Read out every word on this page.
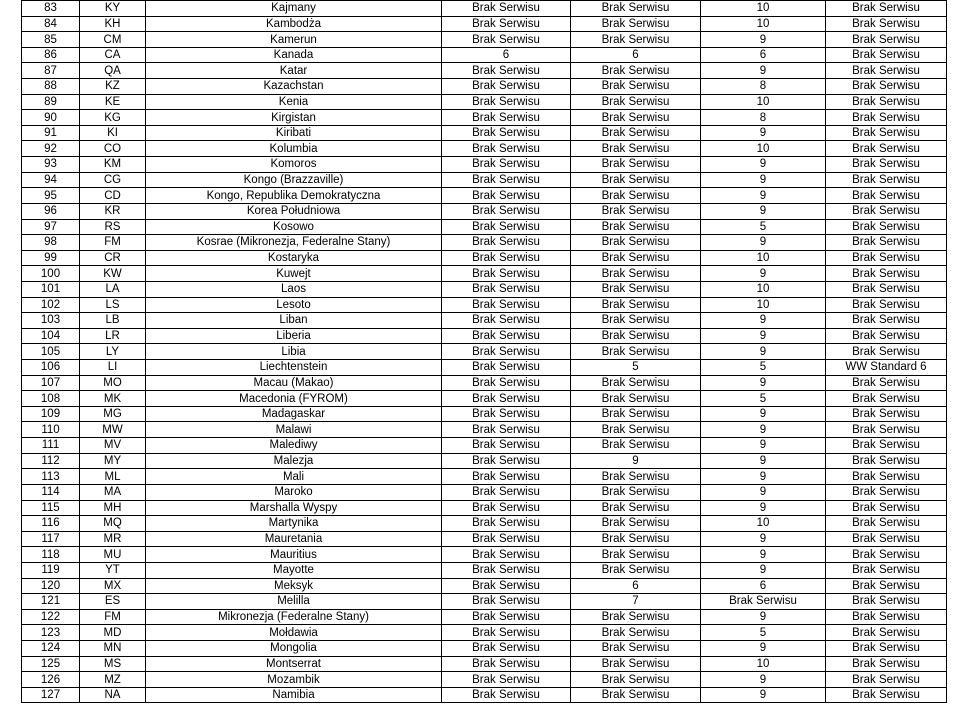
83	KY	Kajmany	Brak Serwisu	Brak Serwisu	10	Brak Serwisu
84	KH	Kambodża	Brak Serwisu	Brak Serwisu	10	Brak Serwisu
85	CM	Kamerun	Brak Serwisu	Brak Serwisu	9	Brak Serwisu
86	CA	Kanada	6	6	6	Brak Serwisu
87	QA	Katar	Brak Serwisu	Brak Serwisu	9	Brak Serwisu
88	KZ	Kazachstan	Brak Serwisu	Brak Serwisu	8	Brak Serwisu
89	KE	Kenia	Brak Serwisu	Brak Serwisu	10	Brak Serwisu
90	KG	Kirgistan	Brak Serwisu	Brak Serwisu	8	Brak Serwisu
91	KI	Kiribati	Brak Serwisu	Brak Serwisu	9	Brak Serwisu
92	CO	Kolumbia	Brak Serwisu	Brak Serwisu	10	Brak Serwisu
93	KM	Komoros	Brak Serwisu	Brak Serwisu	9	Brak Serwisu
94	CG	Kongo (Brazzaville)	Brak Serwisu	Brak Serwisu	9	Brak Serwisu
95	CD	Kongo, Republika Demokratyczna	Brak Serwisu	Brak Serwisu	9	Brak Serwisu
96	KR	Korea Południowa	Brak Serwisu	Brak Serwisu	9	Brak Serwisu
97	RS	Kosowo	Brak Serwisu	Brak Serwisu	5	Brak Serwisu
98	FM	Kosrae (Mikronezja, Federalne Stany)	Brak Serwisu	Brak Serwisu	9	Brak Serwisu
99	CR	Kostaryka	Brak Serwisu	Brak Serwisu	10	Brak Serwisu
100	KW	Kuwejt	Brak Serwisu	Brak Serwisu	9	Brak Serwisu
101	LA	Laos	Brak Serwisu	Brak Serwisu	10	Brak Serwisu
102	LS	Lesoto	Brak Serwisu	Brak Serwisu	10	Brak Serwisu
103	LB	Liban	Brak Serwisu	Brak Serwisu	9	Brak Serwisu
104	LR	Liberia	Brak Serwisu	Brak Serwisu	9	Brak Serwisu
105	LY	Libia	Brak Serwisu	Brak Serwisu	9	Brak Serwisu
106	LI	Liechtenstein	Brak Serwisu	5	5	WW Standard 6
107	MO	Macau (Makao)	Brak Serwisu	Brak Serwisu	9	Brak Serwisu
108	MK	Macedonia (FYROM)	Brak Serwisu	Brak Serwisu	5	Brak Serwisu
109	MG	Madagaskar	Brak Serwisu	Brak Serwisu	9	Brak Serwisu
110	MW	Malawi	Brak Serwisu	Brak Serwisu	9	Brak Serwisu
111	MV	Malediwy	Brak Serwisu	Brak Serwisu	9	Brak Serwisu
112	MY	Malezja	Brak Serwisu	9	9	Brak Serwisu
113	ML	Mali	Brak Serwisu	Brak Serwisu	9	Brak Serwisu
114	MA	Maroko	Brak Serwisu	Brak Serwisu	9	Brak Serwisu
115	MH	Marshalla Wyspy	Brak Serwisu	Brak Serwisu	9	Brak Serwisu
116	MQ	Martynika	Brak Serwisu	Brak Serwisu	10	Brak Serwisu
117	MR	Mauretania	Brak Serwisu	Brak Serwisu	9	Brak Serwisu
118	MU	Mauritius	Brak Serwisu	Brak Serwisu	9	Brak Serwisu
119	YT	Mayotte	Brak Serwisu	Brak Serwisu	9	Brak Serwisu
120	MX	Meksyk	Brak Serwisu	6	6	Brak Serwisu
121	ES	Melilla	Brak Serwisu	7	Brak Serwisu	Brak Serwisu
122	FM	Mikronezja (Federalne Stany)	Brak Serwisu	Brak Serwisu	9	Brak Serwisu
123	MD	Mołdawia	Brak Serwisu	Brak Serwisu	5	Brak Serwisu
124	MN	Mongolia	Brak Serwisu	Brak Serwisu	9	Brak Serwisu
125	MS	Montserrat	Brak Serwisu	Brak Serwisu	10	Brak Serwisu
126	MZ	Mozambik	Brak Serwisu	Brak Serwisu	9	Brak Serwisu
127	NA	Namibia	Brak Serwisu	Brak Serwisu	9	Brak Serwisu
